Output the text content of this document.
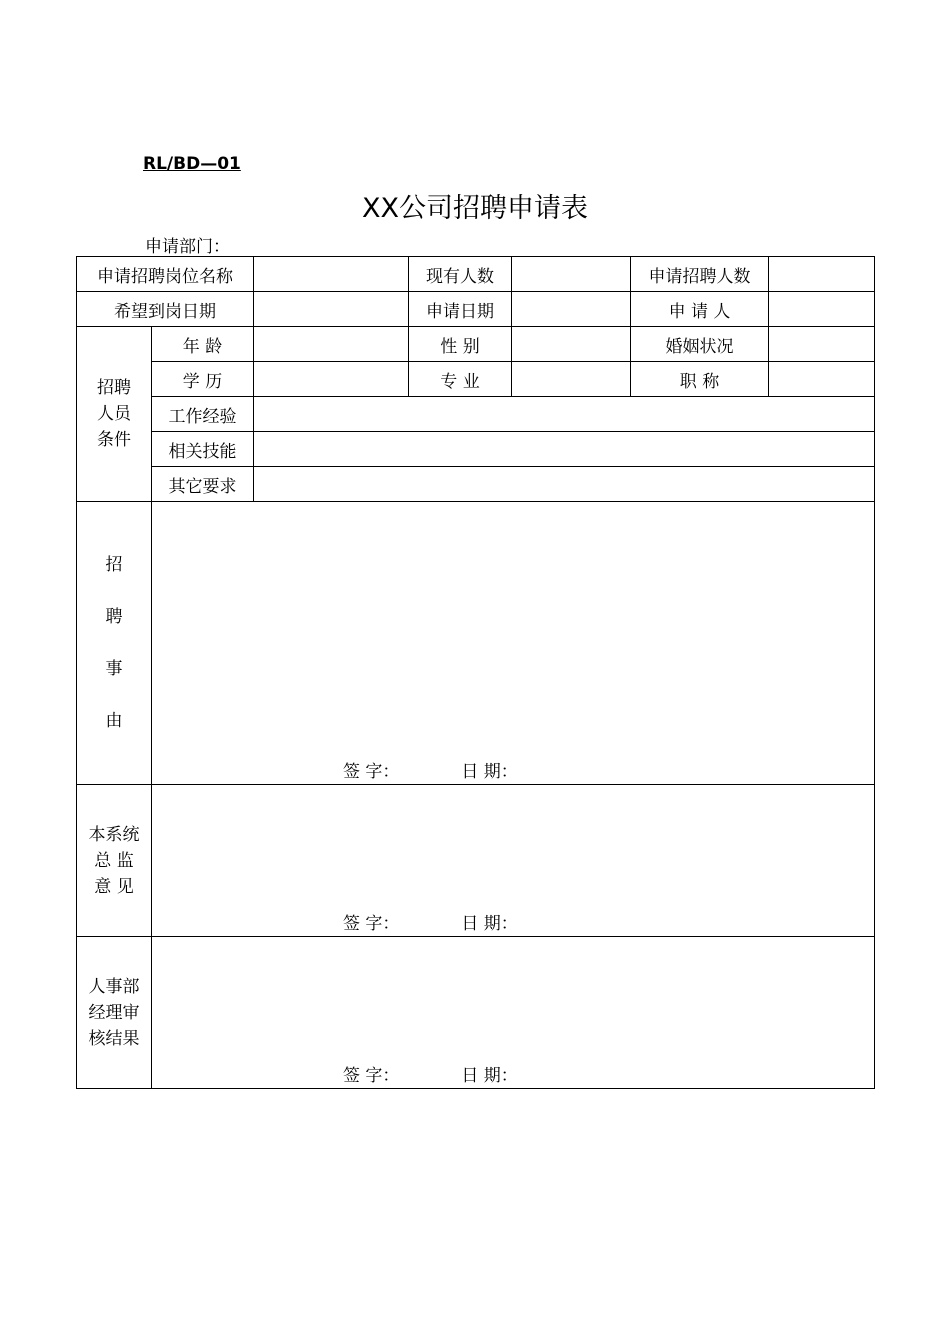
RL/BD—01
XX公司招聘申请表
申请部门：
申请招聘岗位名称			现有人数		申请招聘人数	
希望到岗日期			申请日期		申 请 人	

招聘
人员
条件	年 龄		性 别		婚姻状况	
	学 历		专 业		职 称	
	工作经验					
	相关技能					
	其它要求					

招
聘
事
由	签 字： 日 期：					

本系统
总 监
意 见	签 字： 日 期：					

人事部
经理审
核结果	签 字： 日 期：					
